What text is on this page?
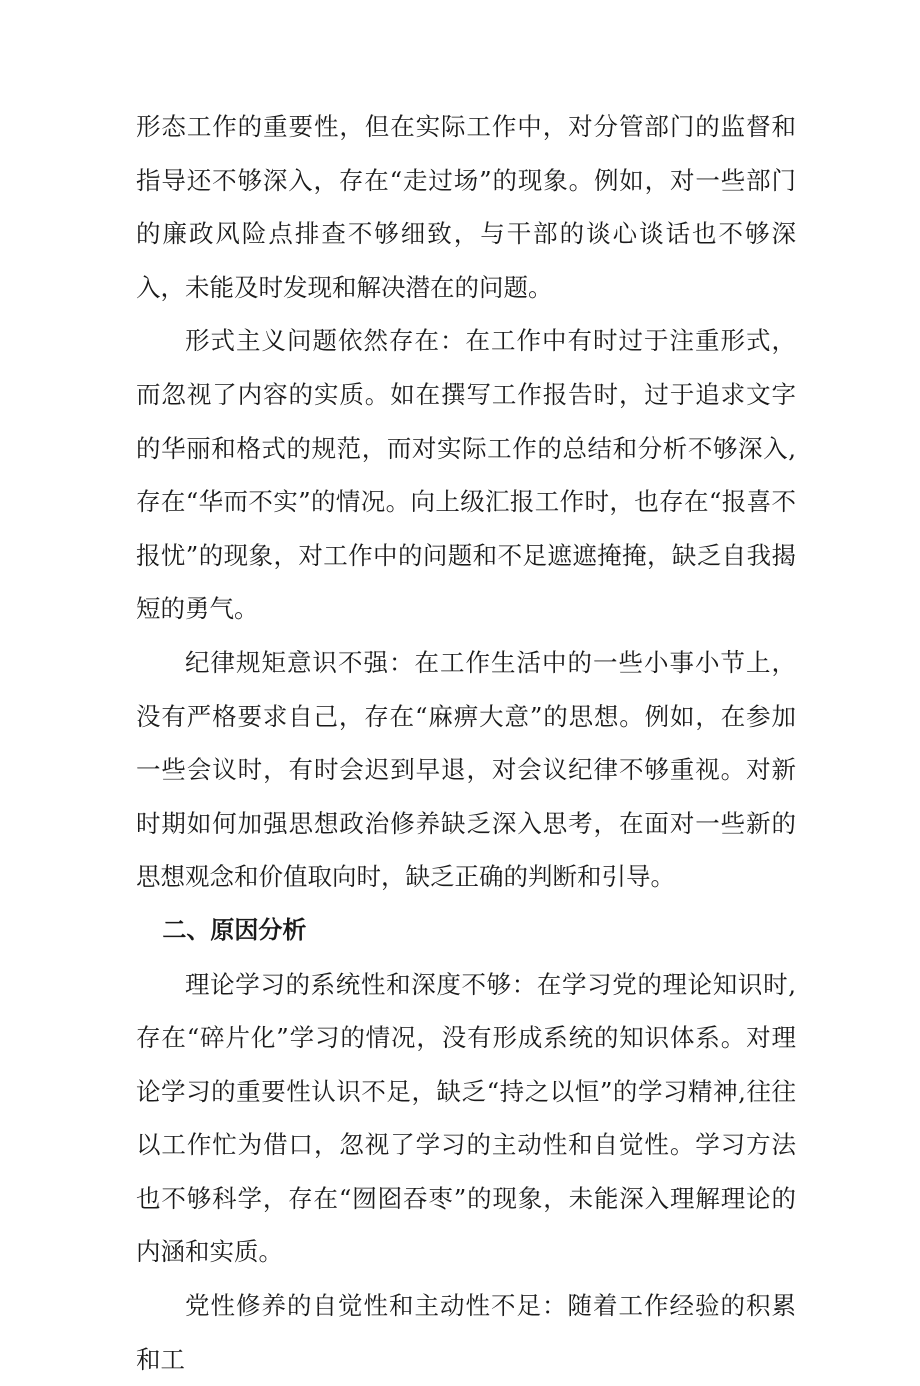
形态工作的重要性，但在实际工作中，对分管部门的监督和指导还不够深入，存在“走过场”的现象。例如，对一些部门的廉政风险点排查不够细致，与干部的谈心谈话也不够深入，未能及时发现和解决潜在的问题。

形式主义问题依然存在：在工作中有时过于注重形式，而忽视了内容的实质。如在撰写工作报告时，过于追求文字的华丽和格式的规范，而对实际工作的总结和分析不够深入,存在“华而不实”的情况。向上级汇报工作时，也存在“报喜不报忧”的现象，对工作中的问题和不足遮遮掩掩，缺乏自我揭短的勇气。

纪律规矩意识不强：在工作生活中的一些小事小节上，没有严格要求自己，存在“麻痹大意”的思想。例如，在参加一些会议时，有时会迟到早退，对会议纪律不够重视。对新时期如何加强思想政治修养缺乏深入思考，在面对一些新的思想观念和价值取向时，缺乏正确的判断和引导。

二、原因分析

理论学习的系统性和深度不够：在学习党的理论知识时,存在“碎片化”学习的情况，没有形成系统的知识体系。对理论学习的重要性认识不足，缺乏“持之以恒”的学习精神,往往以工作忙为借口，忽视了学习的主动性和自觉性。学习方法也不够科学，存在“囫囵吞枣”的现象，未能深入理解理论的内涵和实质。

党性修养的自觉性和主动性不足：随着工作经验的积累和工
